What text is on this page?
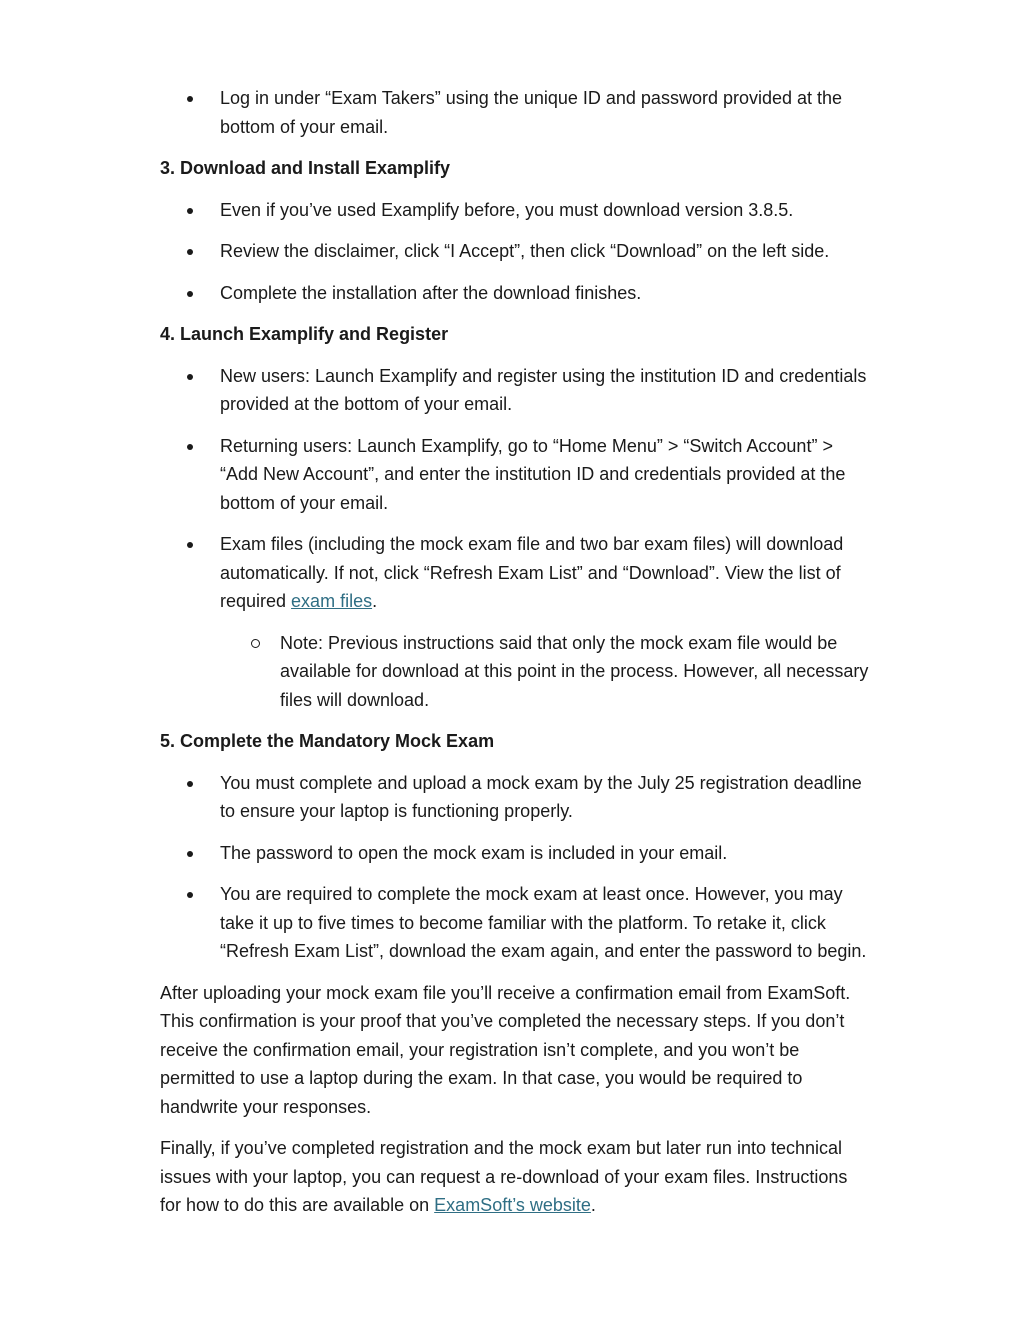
Log in under “Exam Takers” using the unique ID and password provided at the bottom of your email.
3. Download and Install Examplify
Even if you’ve used Examplify before, you must download version 3.8.5.
Review the disclaimer, click “I Accept”, then click “Download” on the left side.
Complete the installation after the download finishes.
4. Launch Examplify and Register
New users: Launch Examplify and register using the institution ID and credentials provided at the bottom of your email.
Returning users: Launch Examplify, go to “Home Menu” > “Switch Account” > “Add New Account”, and enter the institution ID and credentials provided at the bottom of your email.
Exam files (including the mock exam file and two bar exam files) will download automatically. If not, click “Refresh Exam List” and “Download”. View the list of required exam files.
Note: Previous instructions said that only the mock exam file would be available for download at this point in the process. However, all necessary files will download.
5. Complete the Mandatory Mock Exam
You must complete and upload a mock exam by the July 25 registration deadline to ensure your laptop is functioning properly.
The password to open the mock exam is included in your email.
You are required to complete the mock exam at least once. However, you may take it up to five times to become familiar with the platform. To retake it, click “Refresh Exam List”, download the exam again, and enter the password to begin.

After uploading your mock exam file you’ll receive a confirmation email from ExamSoft. This confirmation is your proof that you’ve completed the necessary steps. If you don’t receive the confirmation email, your registration isn’t complete, and you won’t be permitted to use a laptop during the exam. In that case, you would be required to handwrite your responses.

Finally, if you’ve completed registration and the mock exam but later run into technical issues with your laptop, you can request a re-download of your exam files. Instructions for how to do this are available on ExamSoft’s website.
